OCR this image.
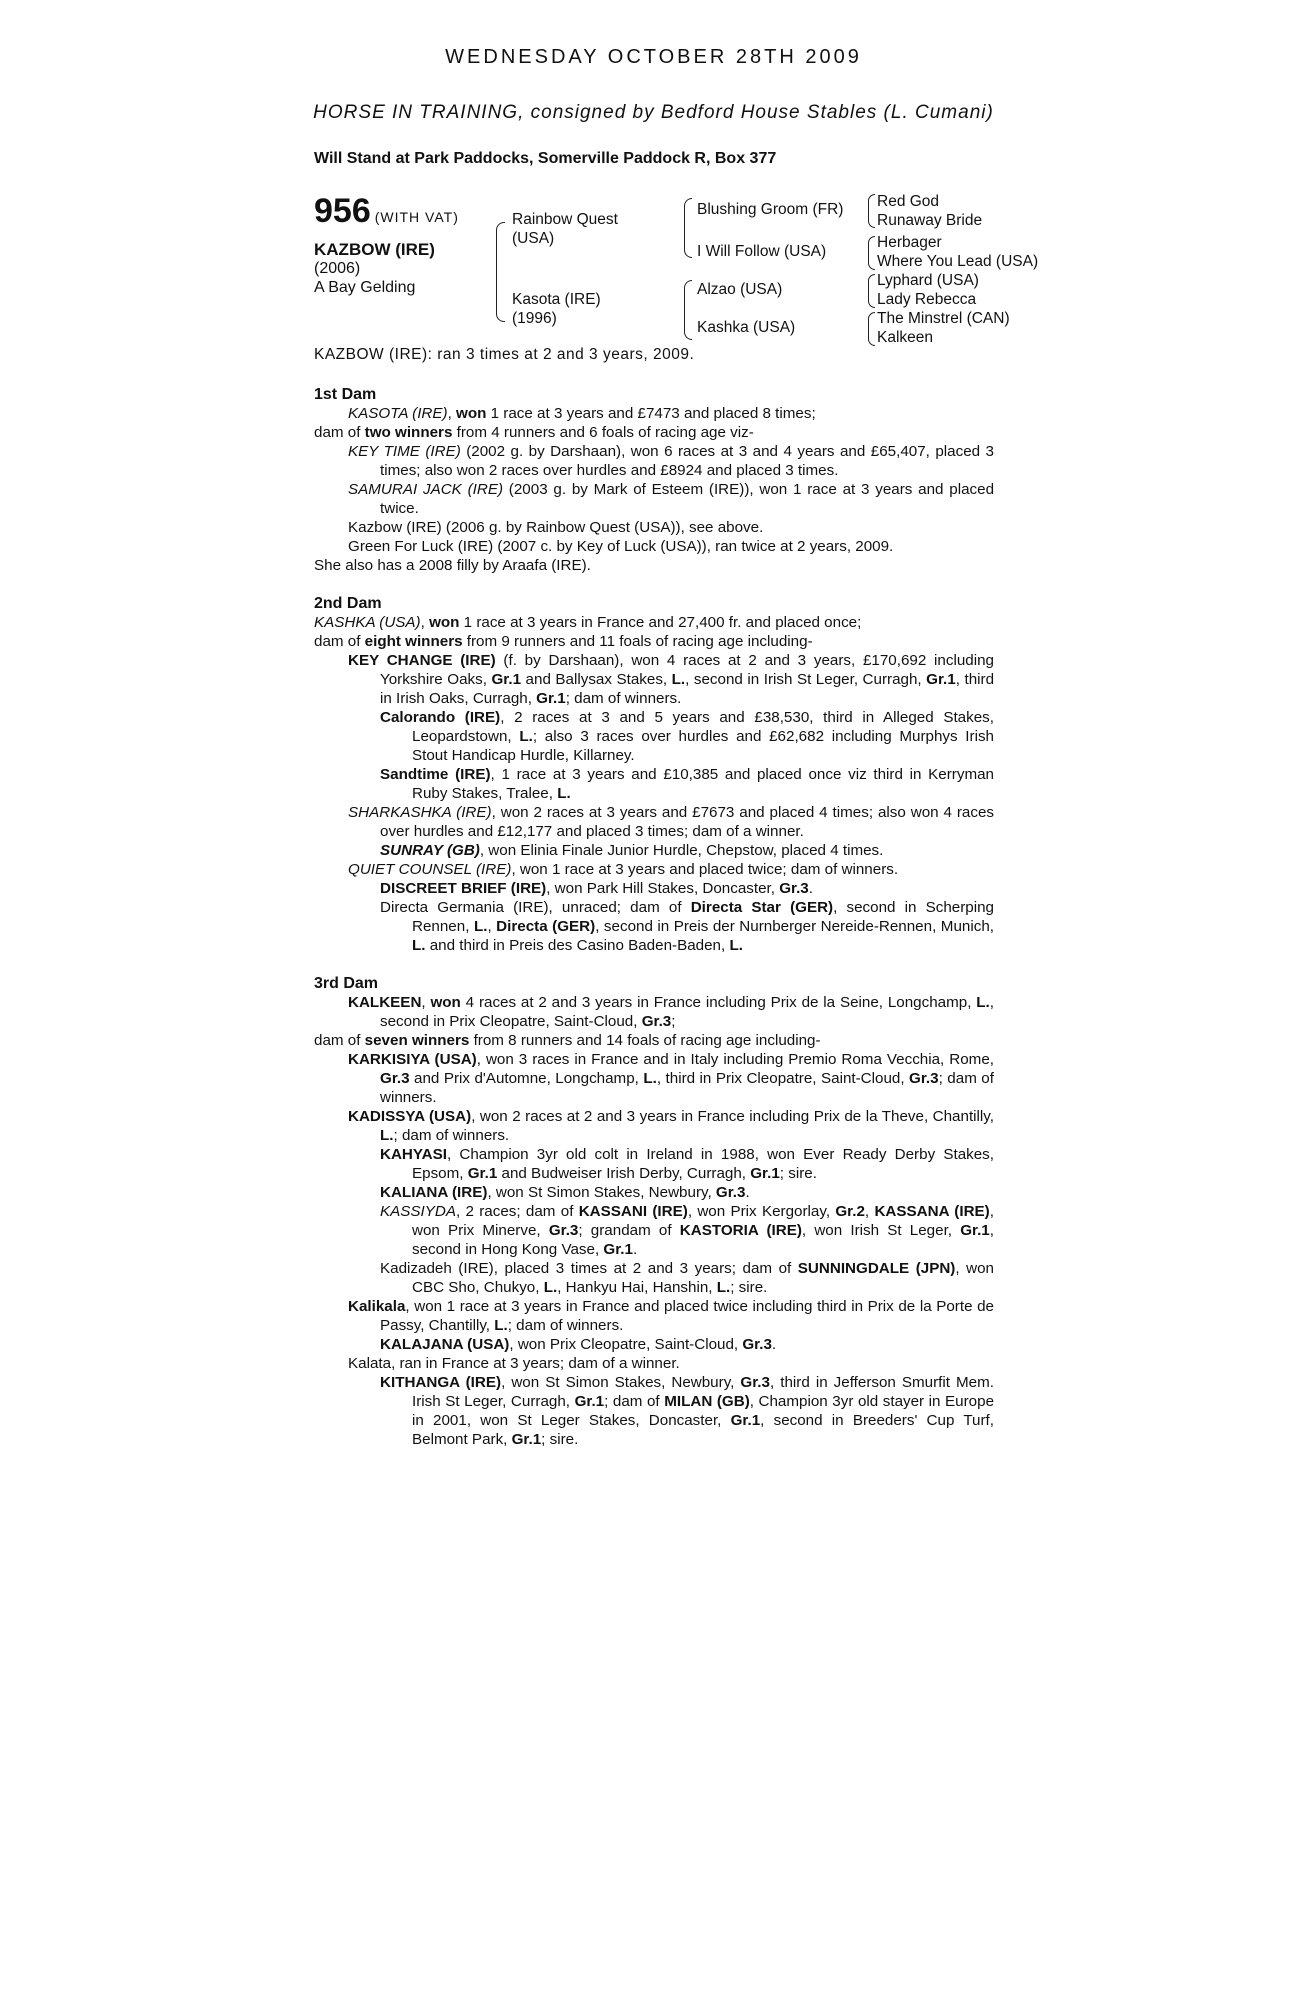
WEDNESDAY OCTOBER 28TH 2009
HORSE IN TRAINING, consigned by Bedford House Stables (L. Cumani)
Will Stand at Park Paddocks, Somerville Paddock R, Box 377
956 (WITH VAT)
KAZBOW (IRE)
(2006)
A Bay Gelding
Rainbow Quest
(USA)
Kasota (IRE)
(1996)
Blushing Groom (FR)
I Will Follow (USA)
Alzao (USA)
Kashka (USA)
Red God
Runaway Bride
Herbager
Where You Lead (USA)
Lyphard (USA)
Lady Rebecca
The Minstrel (CAN)
Kalkeen
KAZBOW (IRE): ran 3 times at 2 and 3 years, 2009.

1st Dam

KASOTA (IRE), won 1 race at 3 years and £7473 and placed 8 times;

dam of two winners from 4 runners and 6 foals of racing age viz-

KEY TIME (IRE) (2002 g. by Darshaan), won 6 races at 3 and 4 years and £65,407, placed 3 times; also won 2 races over hurdles and £8924 and placed 3 times.

SAMURAI JACK (IRE) (2003 g. by Mark of Esteem (IRE)), won 1 race at 3 years and placed twice.

Kazbow (IRE) (2006 g. by Rainbow Quest (USA)), see above.

Green For Luck (IRE) (2007 c. by Key of Luck (USA)), ran twice at 2 years, 2009.

She also has a 2008 filly by Araafa (IRE).

2nd Dam

KASHKA (USA), won 1 race at 3 years in France and 27,400 fr. and placed once;

dam of eight winners from 9 runners and 11 foals of racing age including-

KEY CHANGE (IRE) (f. by Darshaan), won 4 races at 2 and 3 years, £170,692 including Yorkshire Oaks, Gr.1 and Ballysax Stakes, L., second in Irish St Leger, Curragh, Gr.1, third in Irish Oaks, Curragh, Gr.1; dam of winners.

Calorando (IRE), 2 races at 3 and 5 years and £38,530, third in Alleged Stakes, Leopardstown, L.; also 3 races over hurdles and £62,682 including Murphys Irish Stout Handicap Hurdle, Killarney.

Sandtime (IRE), 1 race at 3 years and £10,385 and placed once viz third in Kerryman Ruby Stakes, Tralee, L.

SHARKASHKA (IRE), won 2 races at 3 years and £7673 and placed 4 times; also won 4 races over hurdles and £12,177 and placed 3 times; dam of a winner.

SUNRAY (GB), won Elinia Finale Junior Hurdle, Chepstow, placed 4 times.

QUIET COUNSEL (IRE), won 1 race at 3 years and placed twice; dam of winners.

DISCREET BRIEF (IRE), won Park Hill Stakes, Doncaster, Gr.3.

Directa Germania (IRE), unraced; dam of Directa Star (GER), second in Scherping Rennen, L., Directa (GER), second in Preis der Nurnberger Nereide-Rennen, Munich, L. and third in Preis des Casino Baden-Baden, L.

3rd Dam

KALKEEN, won 4 races at 2 and 3 years in France including Prix de la Seine, Longchamp, L., second in Prix Cleopatre, Saint-Cloud, Gr.3;

dam of seven winners from 8 runners and 14 foals of racing age including-

KARKISIYA (USA), won 3 races in France and in Italy including Premio Roma Vecchia, Rome, Gr.3 and Prix d'Automne, Longchamp, L., third in Prix Cleopatre, Saint-Cloud, Gr.3; dam of winners.

KADISSYA (USA), won 2 races at 2 and 3 years in France including Prix de la Theve, Chantilly, L.; dam of winners.

KAHYASI, Champion 3yr old colt in Ireland in 1988, won Ever Ready Derby Stakes, Epsom, Gr.1 and Budweiser Irish Derby, Curragh, Gr.1; sire.

KALIANA (IRE), won St Simon Stakes, Newbury, Gr.3.

KASSIYDA, 2 races; dam of KASSANI (IRE), won Prix Kergorlay, Gr.2, KASSANA (IRE), won Prix Minerve, Gr.3; grandam of KASTORIA (IRE), won Irish St Leger, Gr.1, second in Hong Kong Vase, Gr.1.

Kadizadeh (IRE), placed 3 times at 2 and 3 years; dam of SUNNINGDALE (JPN), won CBC Sho, Chukyo, L., Hankyu Hai, Hanshin, L.; sire.

Kalikala, won 1 race at 3 years in France and placed twice including third in Prix de la Porte de Passy, Chantilly, L.; dam of winners.

KALAJANA (USA), won Prix Cleopatre, Saint-Cloud, Gr.3.

Kalata, ran in France at 3 years; dam of a winner.

KITHANGA (IRE), won St Simon Stakes, Newbury, Gr.3, third in Jefferson Smurfit Mem. Irish St Leger, Curragh, Gr.1; dam of MILAN (GB), Champion 3yr old stayer in Europe in 2001, won St Leger Stakes, Doncaster, Gr.1, second in Breeders' Cup Turf, Belmont Park, Gr.1; sire.
